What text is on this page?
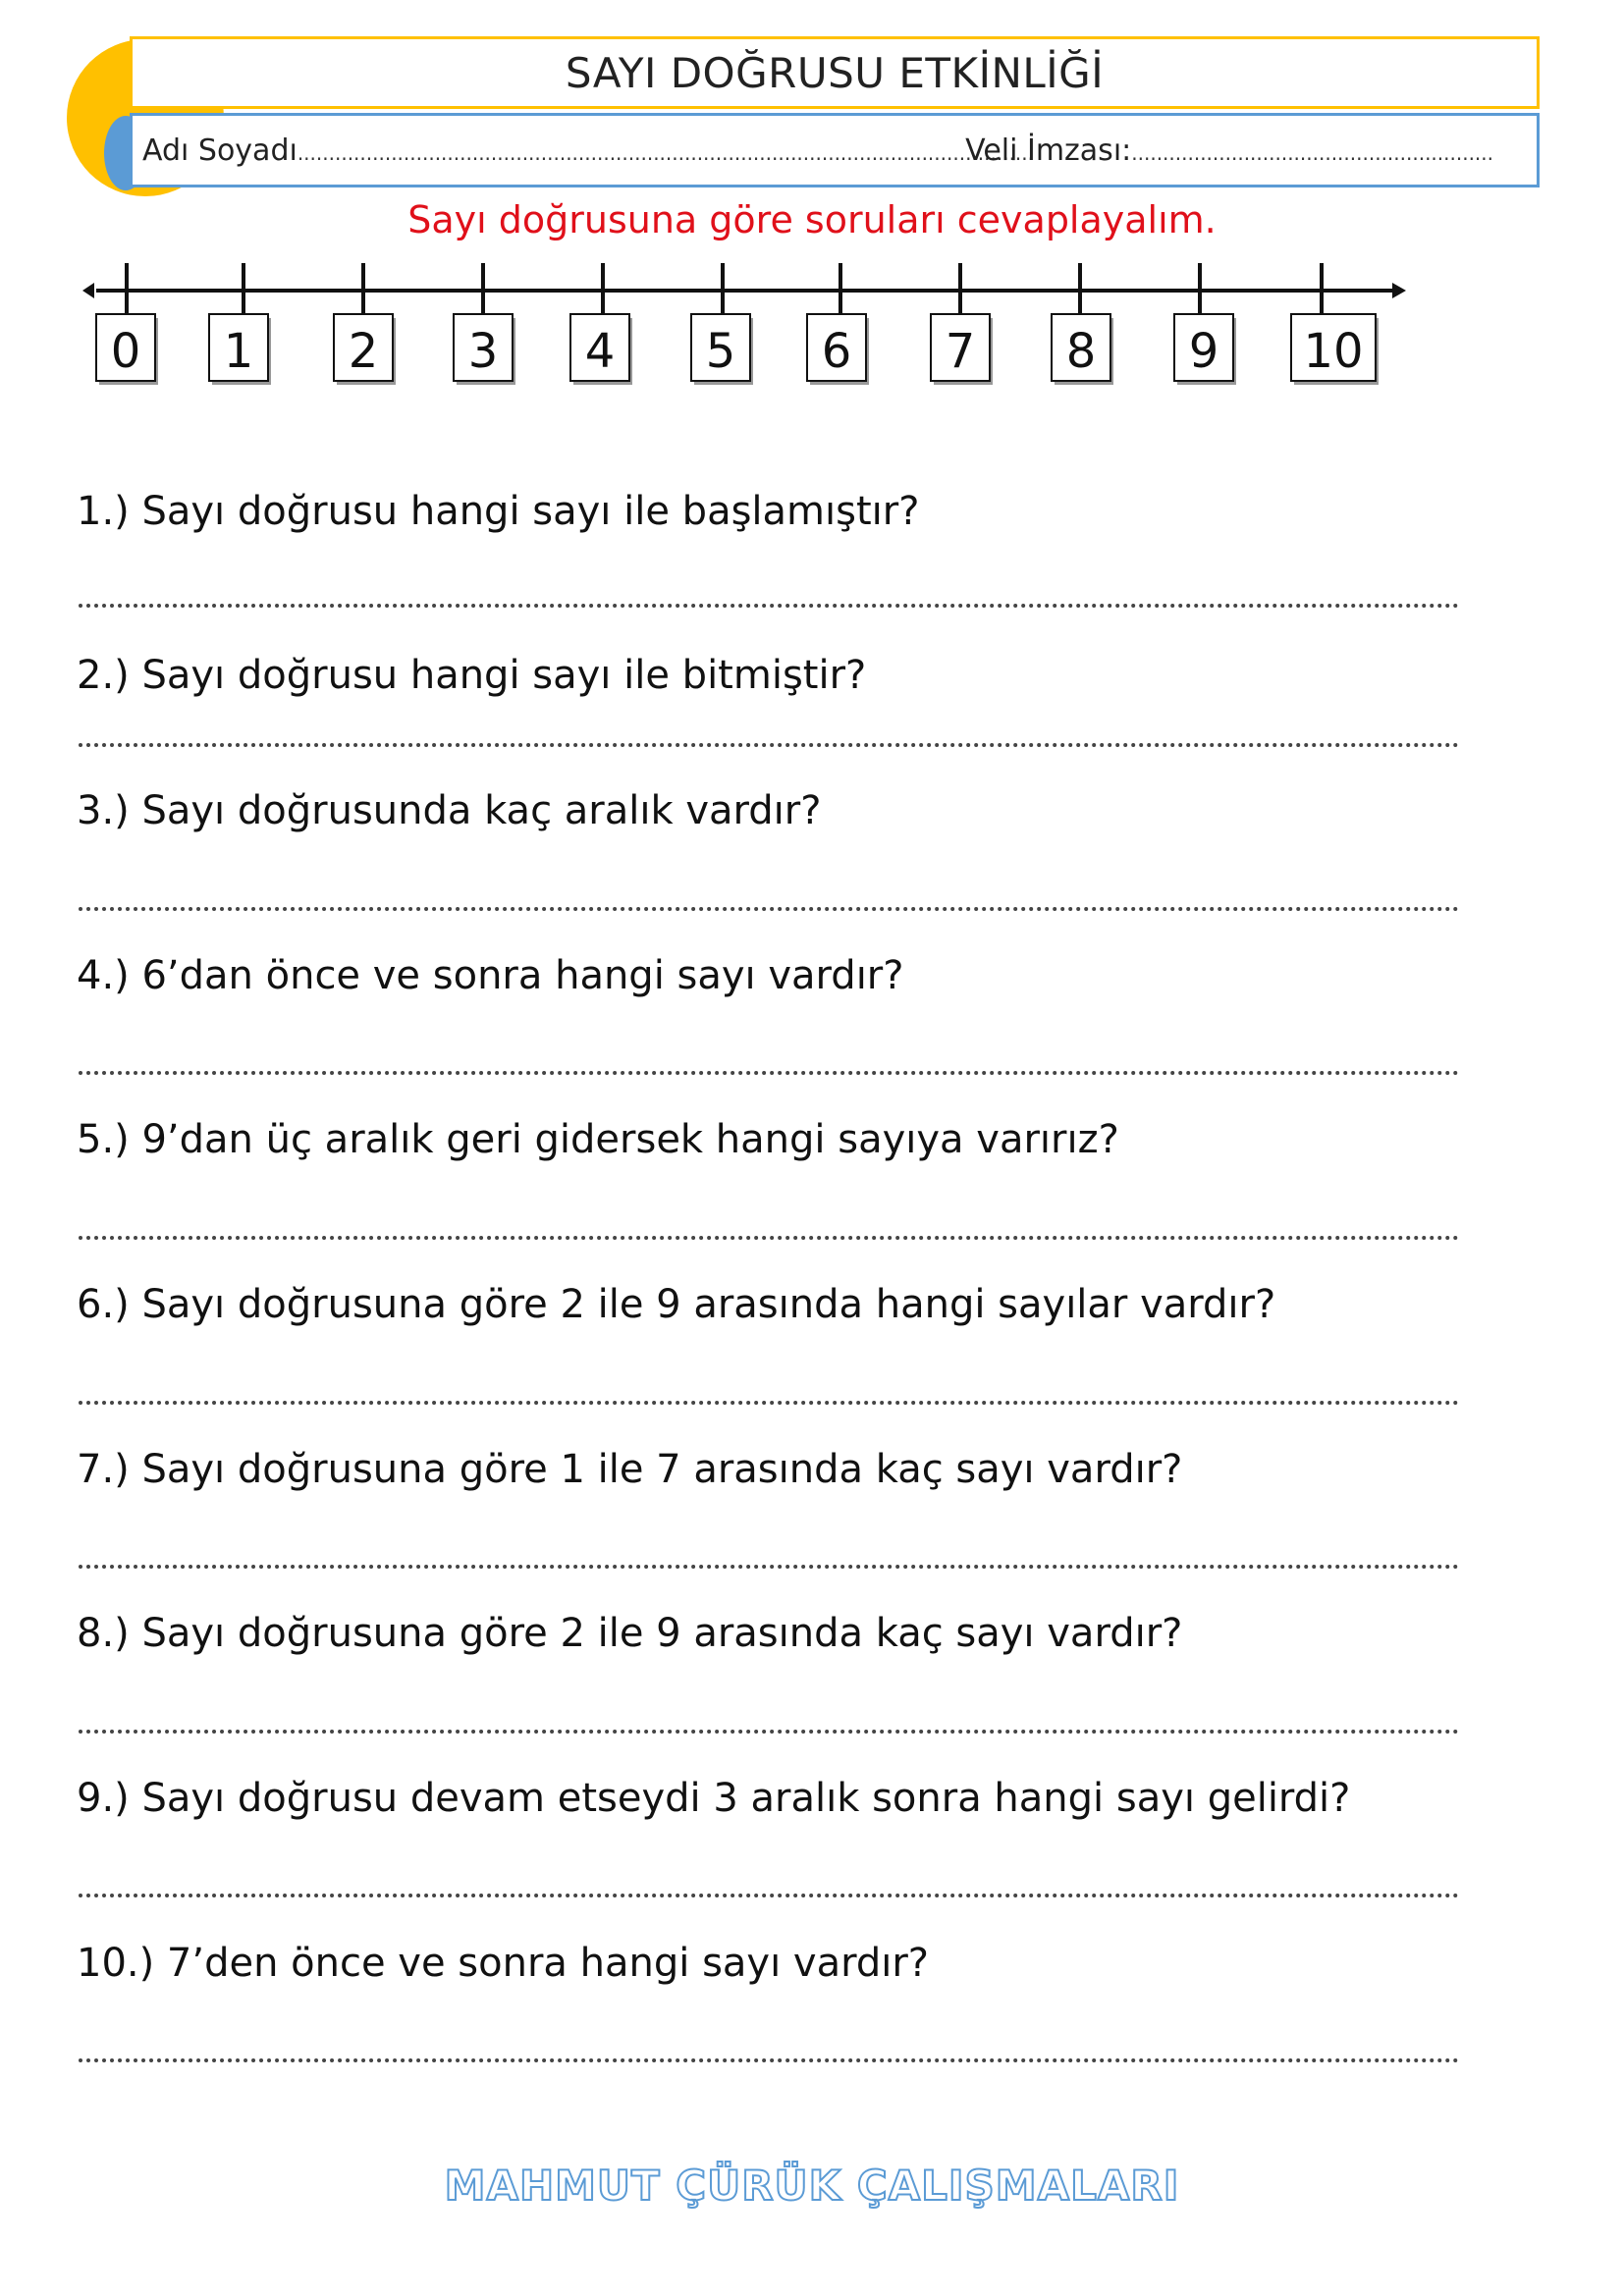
SAYI DOĞRUSU ETKİNLİĞİ
Adı Soyadı......................................................................................................................
Veli İmzası:..........................................................
Sayı doğrusuna göre soruları cevaplayalım.
0 1 2 3 4 5 6 7 8 9 10
1.) Sayı doğrusu hangi sayı ile başlamıştır?
2.) Sayı doğrusu hangi sayı ile bitmiştir?
3.) Sayı doğrusunda kaç aralık vardır?
4.) 6’dan önce ve sonra hangi sayı vardır?
5.) 9’dan üç aralık geri gidersek hangi sayıya varırız?
6.) Sayı doğrusuna göre 2 ile 9 arasında hangi sayılar vardır?
7.) Sayı doğrusuna göre 1 ile 7 arasında kaç sayı vardır?
8.) Sayı doğrusuna göre 2 ile 9 arasında kaç sayı vardır?
9.) Sayı doğrusu devam etseydi 3 aralık sonra hangi sayı gelirdi?
10.) 7’den önce ve sonra hangi sayı vardır?
MAHMUT ÇÜRÜK ÇALIŞMALARI
